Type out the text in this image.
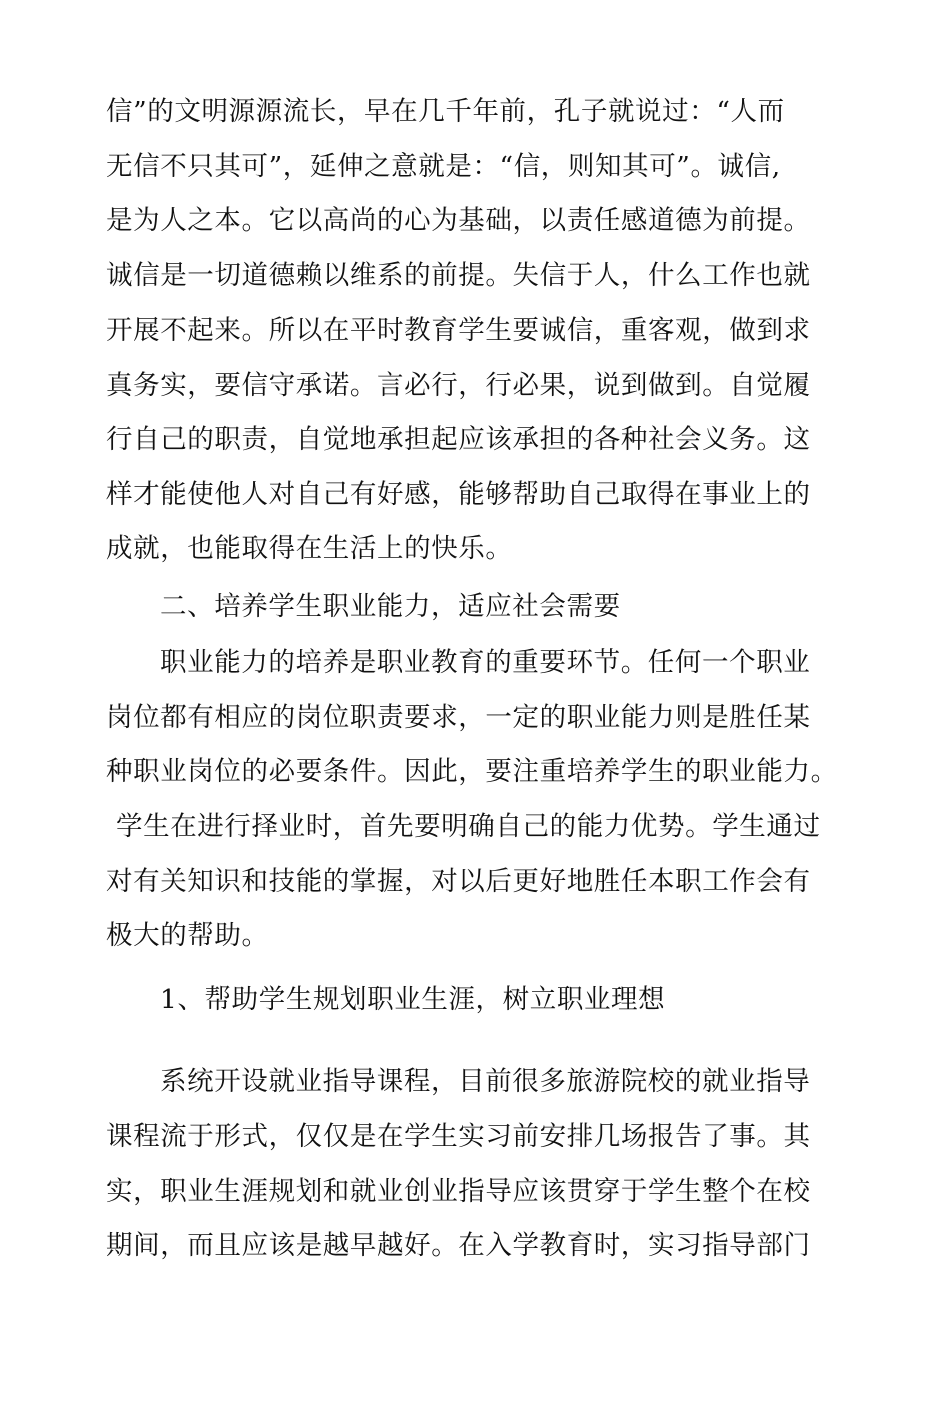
信”的文明源源流长，早在几千年前，孔子就说过：“人而
无信不只其可”，延伸之意就是：“信，则知其可”。诚信,
是为人之本。它以高尚的心为基础，以责任感道德为前提。
诚信是一切道德赖以维系的前提。失信于人，什么工作也就
开展不起来。所以在平时教育学生要诚信，重客观，做到求
真务实，要信守承诺。言必行，行必果，说到做到。自觉履
行自己的职责，自觉地承担起应该承担的各种社会义务。这
样才能使他人对自己有好感，能够帮助自己取得在事业上的
成就，也能取得在生活上的快乐。
二、培养学生职业能力，适应社会需要
职业能力的培养是职业教育的重要环节。任何一个职业
岗位都有相应的岗位职责要求，一定的职业能力则是胜任某
种职业岗位的必要条件。因此，要注重培养学生的职业能力。
学生在进行择业时，首先要明确自己的能力优势。学生通过
对有关知识和技能的掌握，对以后更好地胜任本职工作会有
极大的帮助。
1、帮助学生规划职业生涯，树立职业理想
系统开设就业指导课程，目前很多旅游院校的就业指导
课程流于形式，仅仅是在学生实习前安排几场报告了事。其
实，职业生涯规划和就业创业指导应该贯穿于学生整个在校
期间，而且应该是越早越好。在入学教育时，实习指导部门
